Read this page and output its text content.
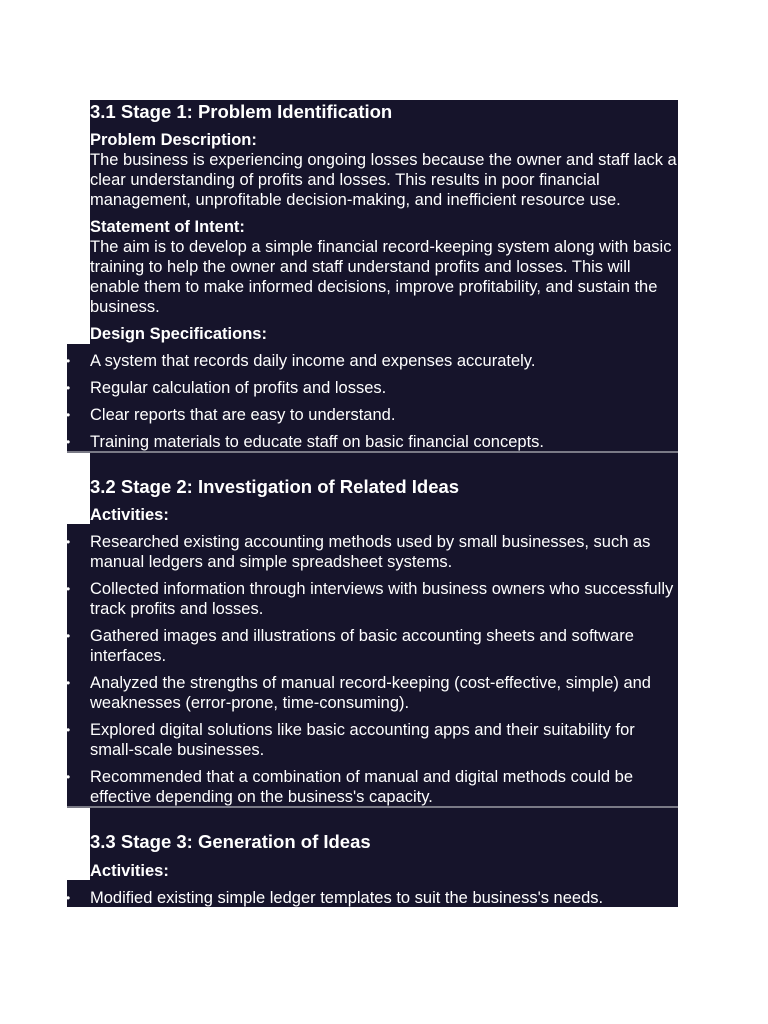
3.1 Stage 1: Problem Identification
Problem Description:
The business is experiencing ongoing losses because the owner and staff lack a clear understanding of profits and losses. This results in poor financial management, unprofitable decision-making, and inefficient resource use.
Statement of Intent:
The aim is to develop a simple financial record-keeping system along with basic training to help the owner and staff understand profits and losses. This will enable them to make informed decisions, improve profitability, and sustain the business.
Design Specifications:
• A system that records daily income and expenses accurately.
• Regular calculation of profits and losses.
• Clear reports that are easy to understand.
• Training materials to educate staff on basic financial concepts.
3.2 Stage 2: Investigation of Related Ideas
Activities:
• Researched existing accounting methods used by small businesses, such as manual ledgers and simple spreadsheet systems.
• Collected information through interviews with business owners who successfully track profits and losses.
• Gathered images and illustrations of basic accounting sheets and software interfaces.
• Analyzed the strengths of manual record-keeping (cost-effective, simple) and weaknesses (error-prone, time-consuming).
• Explored digital solutions like basic accounting apps and their suitability for small-scale businesses.
• Recommended that a combination of manual and digital methods could be effective depending on the business's capacity.
3.3 Stage 3: Generation of Ideas
Activities:
• Modified existing simple ledger templates to suit the business's needs.
